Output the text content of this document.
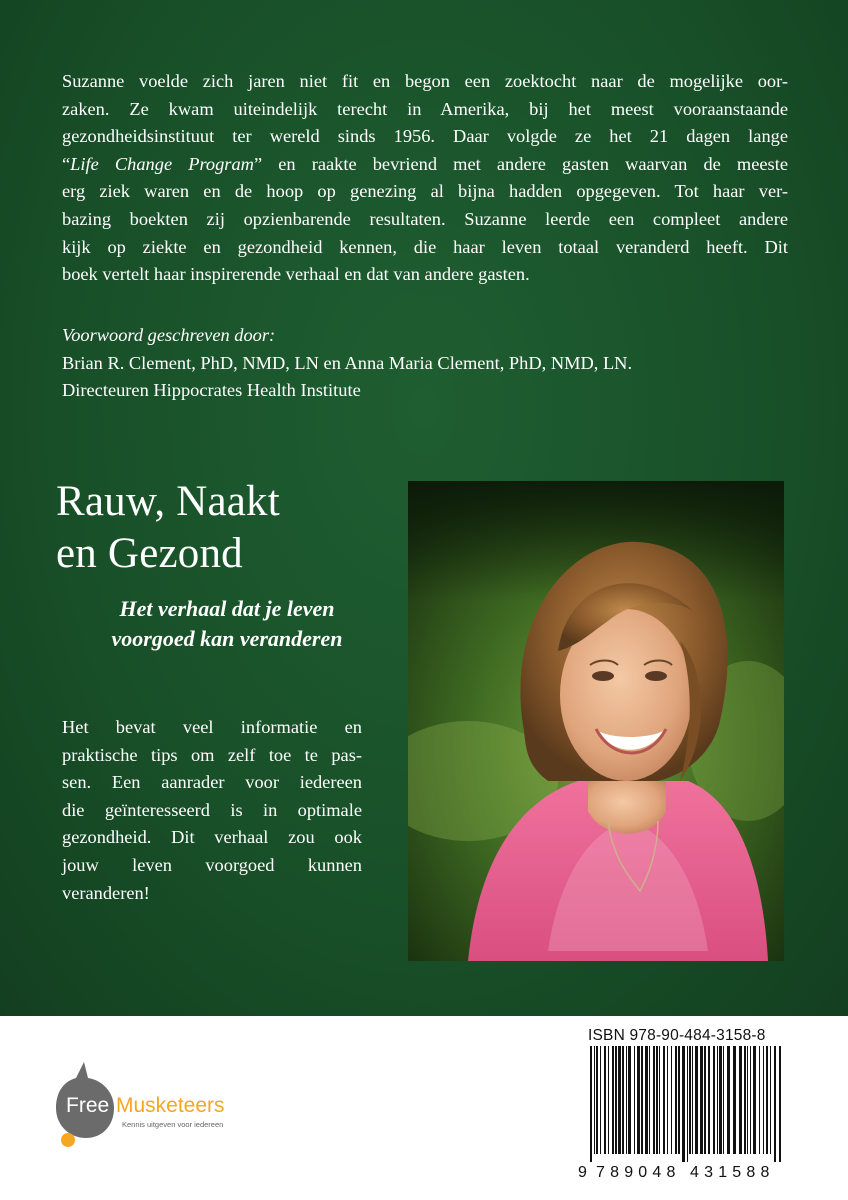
Suzanne voelde zich jaren niet fit en begon een zoektocht naar de mogelijke oor-
zaken. Ze kwam uiteindelijk terecht in Amerika, bij het meest vooraanstaande
gezondheidsinstituut ter wereld sinds 1956. Daar volgde ze het 21 dagen lange
“Life Change Program” en raakte bevriend met andere gasten waarvan de meeste
erg ziek waren en de hoop op genezing al bijna hadden opgegeven. Tot haar ver-
bazing boekten zij opzienbarende resultaten. Suzanne leerde een compleet andere
kijk op ziekte en gezondheid kennen, die haar leven totaal veranderd heeft. Dit
boek vertelt haar inspirerende verhaal en dat van andere gasten.
Voorwoord geschreven door:
Brian R. Clement, PhD, NMD, LN en Anna Maria Clement, PhD, NMD, LN.
Directeuren Hippocrates Health Institute
Rauw, Naakt
en Gezond
Het verhaal dat je leven
voorgoed kan veranderen
Het bevat veel informatie en
praktische tips om zelf toe te pas-
sen. Een aanrader voor iedereen
die geïnteresseerd is in optimale
gezondheid. Dit verhaal zou ook
jouw leven voorgoed kunnen
veranderen!
Free Musketeers
Kennis uitgeven voor iedereen
ISBN 978-90-484-3158-8
9 789048 431588
